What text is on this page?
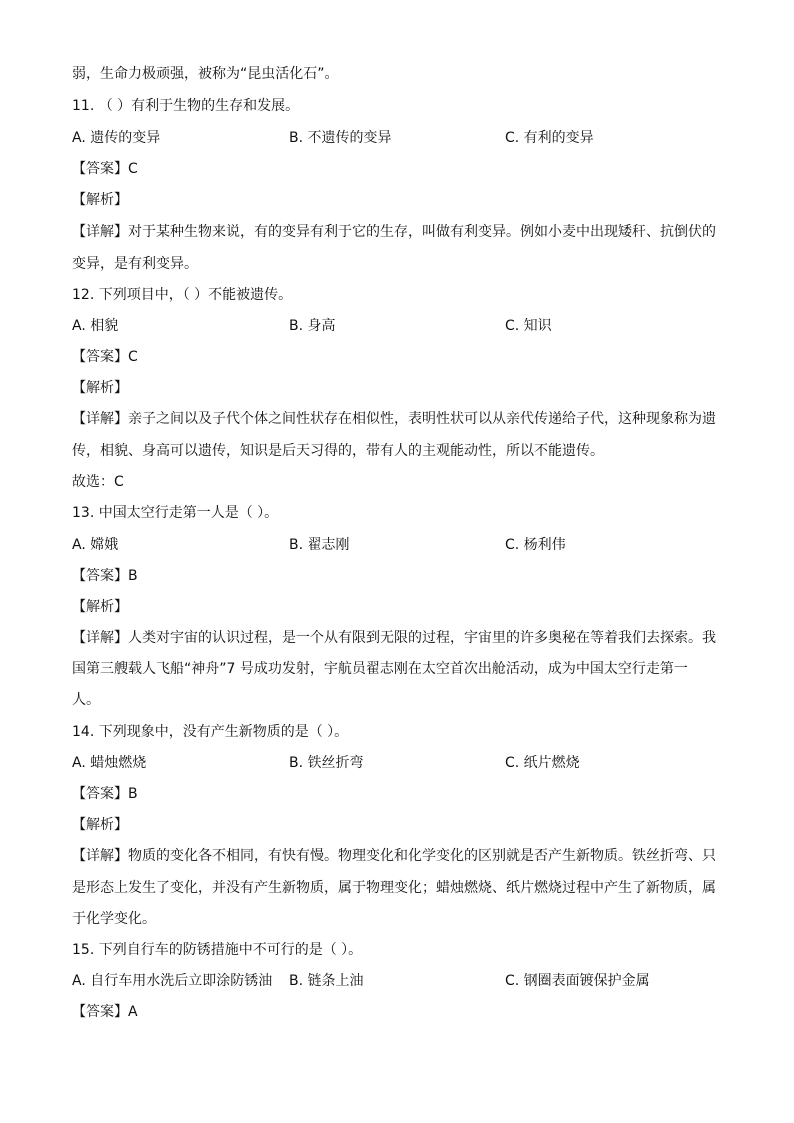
弱，生命力极顽强，被称为“昆虫活化石”。
11. （ ）有利于生物的生存和发展。
A. 遗传的变异	B. 不遗传的变异	C. 有利的变异
【答案】C
【解析】
【详解】对于某种生物来说，有的变异有利于它的生存，叫做有利变异。例如小麦中出现矮秆、抗倒伏的
变异，是有利变异。
12. 下列项目中，（ ）不能被遗传。
A. 相貌	B. 身高	C. 知识
【答案】C
【解析】
【详解】亲子之间以及子代个体之间性状存在相似性，表明性状可以从亲代传递给子代，这种现象称为遗
传，相貌、身高可以遗传，知识是后天习得的，带有人的主观能动性，所以不能遗传。
故选：C
13. 中国太空行走第一人是（ ）。
A. 嫦娥	B. 翟志刚	C. 杨利伟
【答案】B
【解析】
【详解】人类对宇宙的认识过程，是一个从有限到无限的过程，宇宙里的许多奥秘在等着我们去探索。我
国第三艘载人飞船“神舟”7 号成功发射，宇航员翟志刚在太空首次出舱活动，成为中国太空行走第一
人。
14. 下列现象中，没有产生新物质的是（ ）。
A. 蜡烛燃烧	B. 铁丝折弯	C. 纸片燃烧
【答案】B
【解析】
【详解】物质的变化各不相同，有快有慢。物理变化和化学变化的区别就是否产生新物质。铁丝折弯、只
是形态上发生了变化，并没有产生新物质，属于物理变化；蜡烛燃烧、纸片燃烧过程中产生了新物质，属
于化学变化。
15. 下列自行车的防锈措施中不可行的是（ ）。
A. 自行车用水洗后立即涂防锈油 B. 链条上油	C. 钢圈表面镀保护金属
【答案】A
